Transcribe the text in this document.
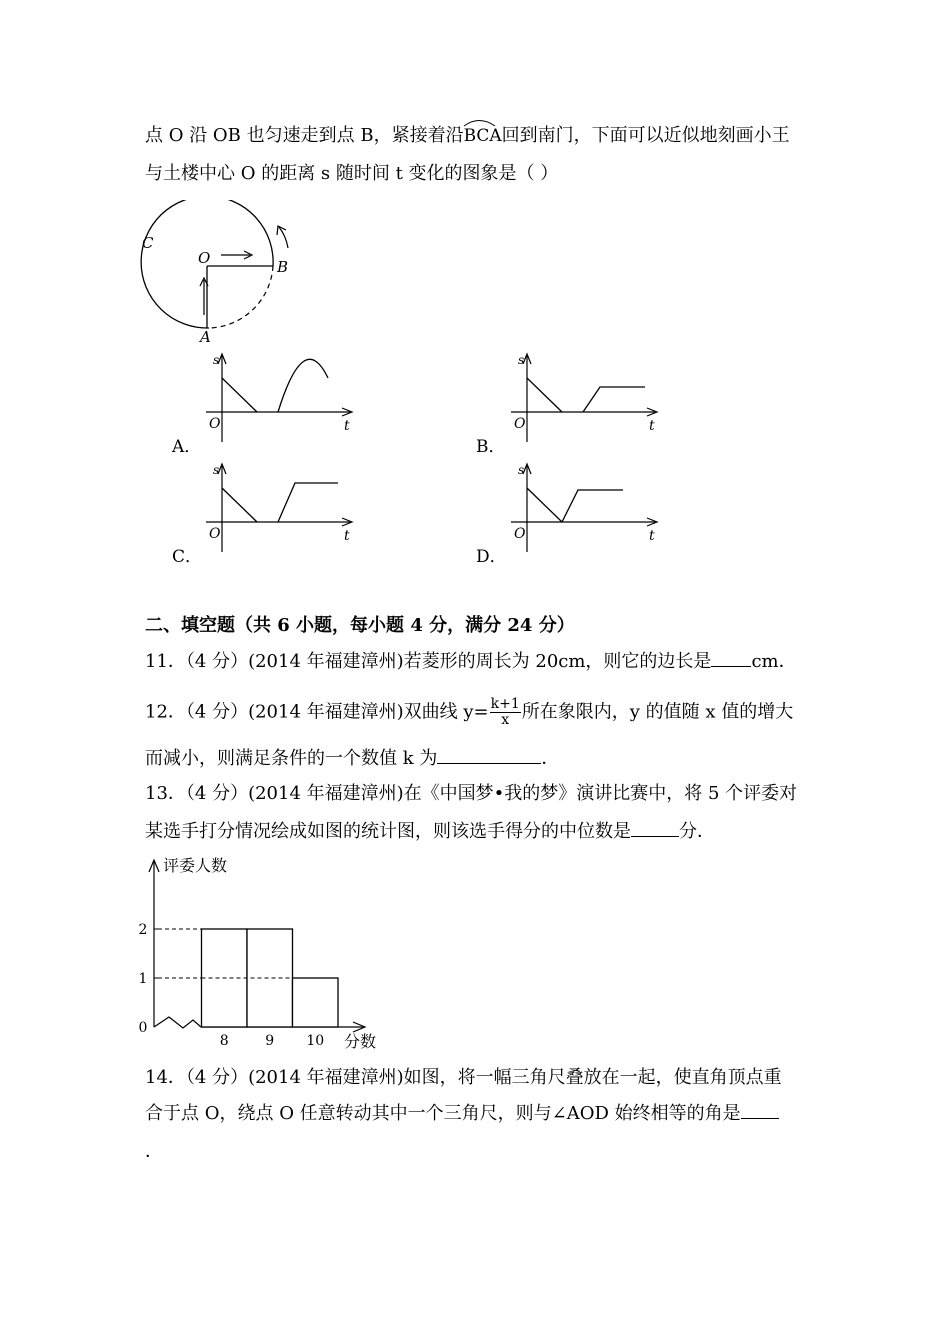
点 O 沿 OB 也匀速走到点 B，紧接着沿
BCA回到南门，下面可以近似地刻画小王
与土楼中心 O 的距离 s 随时间 t 变化的图象是（ ）
C
O	B
A
A．
s
O	t
B．
s
O	t
C．
s
O	t
D．
s
O	t
二、填空题（共 6 小题，每小题 4 分，满分 24 分）
11．（4 分）(2014 年福建漳州)若菱形的周长为 20cm，则它的边长是 cm．
12．（4 分）(2014 年福建漳州)双曲线 $y= \frac{k+1}{x}$ 所在象限内，y 的值随 x 值的增大
而减小，则满足条件的一个数值 k 为	．
13．（4 分）(2014 年福建漳州)在《中国梦•我的梦》演讲比赛中，将 5 个评委对
某选手打分情况绘成如图的统计图，则该选手得分的中位数是	分．
评委人数
分数
0
1
2
8	9 10
14．（4 分）(2014 年福建漳州)如图，将一幅三角尺叠放在一起，使直角顶点重
合于点 O，绕点 O 任意转动其中一个三角尺，则与∠AOD 始终相等的角是
．
